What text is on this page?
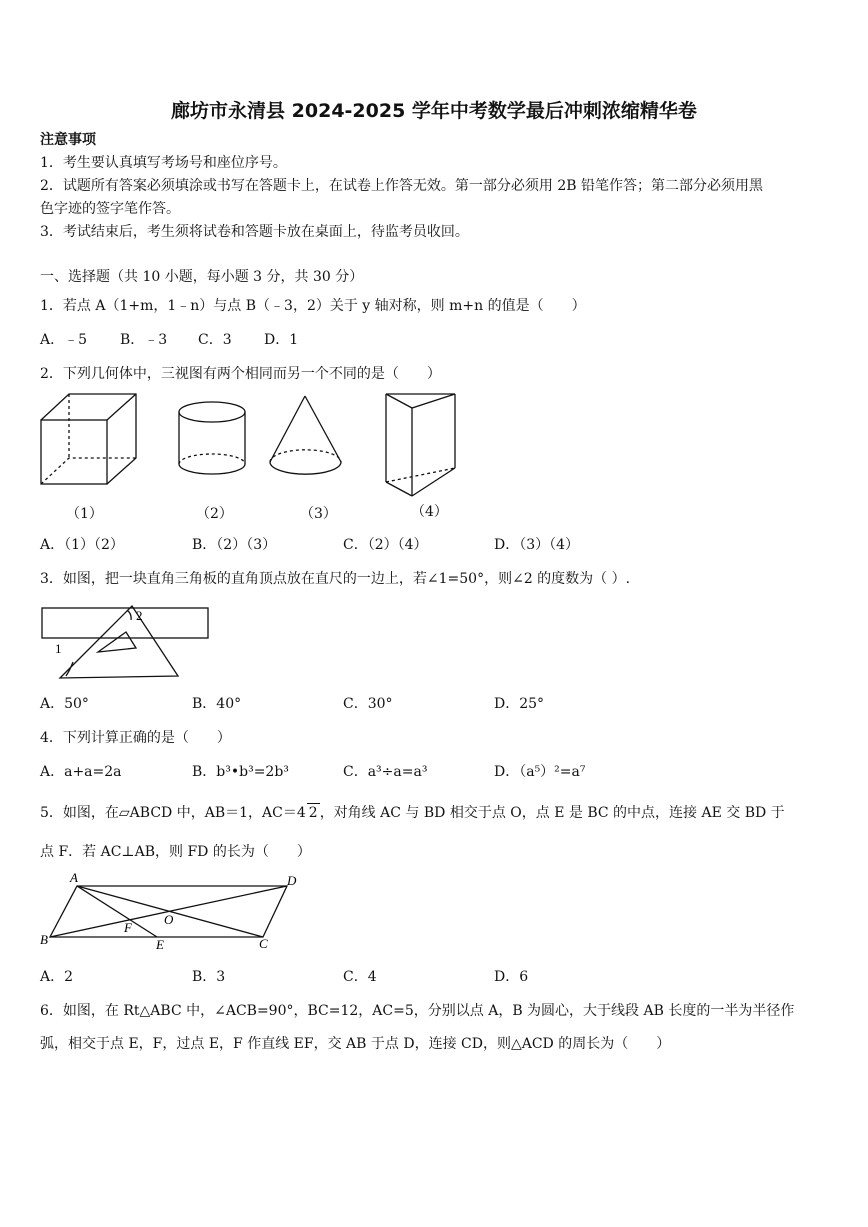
廊坊市永清县 2024-2025 学年中考数学最后冲刺浓缩精华卷
注意事项
1．考生要认真填写考场号和座位序号。
2．试题所有答案必须填涂或书写在答题卡上，在试卷上作答无效。第一部分必须用 2B 铅笔作答；第二部分必须用黑
色字迹的签字笔作答。
3．考试结束后，考生须将试卷和答题卡放在桌面上，待监考员收回。
一、选择题（共 10 小题，每小题 3 分，共 30 分）
1．若点 A（1+m，1﹣n）与点 B（﹣3，2）关于 y 轴对称，则 m+n 的值是（　　）
A．﹣5 B．﹣3 C．3 D．1
2．下列几何体中，三视图有两个相同而另一个不同的是（　　）
（1）	（2）	（3）	（4）
A．（1）（2）	B．（2）（3）	C．（2）（4）	D．（3）（4）
3．如图，把一块直角三角板的直角顶点放在直尺的一边上，若∠1=50°，则∠2 的度数为（ ）.
2
1
A．50°	B．40°	C．30°	D．25°
4．下列计算正确的是（　　）
A．a+a=2a	B．b³•b³=2b³	C．a³÷a=a³	D．（a⁵）²=a⁷
5．如图，在▱ABCD 中，AB＝1，AC＝4 2 ，对角线 AC 与 BD 相交于点 O，点 E 是 BC 的中点，连接 AE 交 BD 于
点 F．若 AC⊥AB，则 FD 的长为（　　）
A	D
O
F
B	E	C
A．2	B．3	C．4	D．6
6．如图，在 Rt△ABC 中，∠ACB=90°，BC=12，AC=5，分别以点 A，B 为圆心，大于线段 AB 长度的一半为半径作
弧，相交于点 E，F，过点 E，F 作直线 EF，交 AB 于点 D，连接 CD，则△ACD 的周长为（　　）
